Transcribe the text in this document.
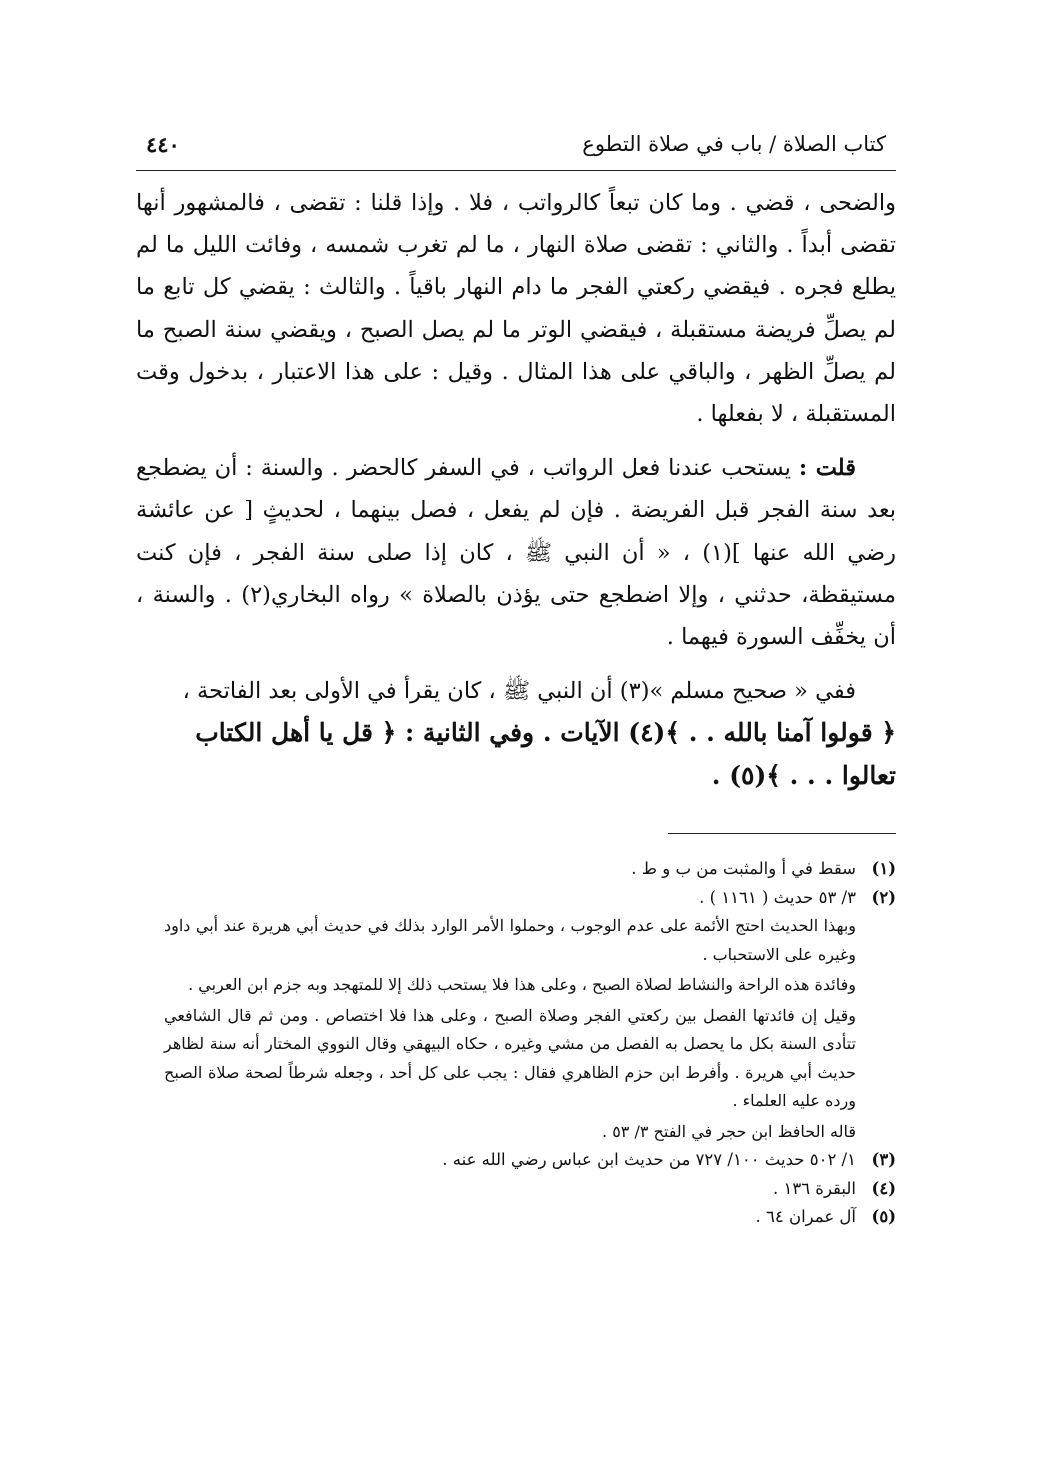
كتاب الصلاة / باب في صلاة التطوع
٤٤٠

والضحى ، قضي . وما كان تبعاً كالرواتب ، فلا . وإذا قلنا : تقضى ، فالمشهور أنها تقضى أبداً . والثاني : تقضى صلاة النهار ، ما لم تغرب شمسه ، وفائت الليل ما لم يطلع فجره . فيقضي ركعتي الفجر ما دام النهار باقياً . والثالث : يقضي كل تابع ما لم يصلِّ فريضة مستقبلة ، فيقضي الوتر ما لم يصل الصبح ، ويقضي سنة الصبح ما لم يصلِّ الظهر ، والباقي على هذا المثال . وقيل : على هذا الاعتبار ، بدخول وقت المستقبلة ، لا بفعلها .

قلت : يستحب عندنا فعل الرواتب ، في السفر كالحضر . والسنة : أن يضطجع بعد سنة الفجر قبل الفريضة . فإن لم يفعل ، فصل بينهما ، لحديثٍ [ عن عائشة رضي الله عنها ](١) ، « أن النبي ﷺ ، كان إذا صلى سنة الفجر ، فإن كنت مستيقظة، حدثني ، وإلا اضطجع حتى يؤذن بالصلاة » رواه البخاري(٢) . والسنة ، أن يخفِّف السورة فيهما .

ففي « صحيح مسلم »(٣) أن النبي ﷺ ، كان يقرأ في الأولى بعد الفاتحة ،

﴿ قولوا آمنا بالله . . ﴾(٤) الآيات . وفي الثانية : ﴿ قل يا أهل الكتاب
تعالوا . . . ﴾(٥) .

(١)
سقط في أ والمثبت من ب و ط .

(٢)
٣/ ٥٣ حديث ( ١١٦١ ) .

وبهذا الحديث احتج الأئمة على عدم الوجوب ، وحملوا الأمر الوارد بذلك في حديث أبي هريرة عند أبي داود وغيره على الاستحباب .

وفائدة هذه الراحة والنشاط لصلاة الصبح ، وعلى هذا فلا يستحب ذلك إلا للمتهجد وبه جزم ابن العربي .

وقيل إن فائدتها الفصل بين ركعتي الفجر وصلاة الصبح ، وعلى هذا فلا اختصاص . ومن ثم قال الشافعي تتأدى السنة بكل ما يحصل به الفصل من مشي وغيره ، حكاه البيهقي وقال النووي المختار أنه سنة لظاهر حديث أبي هريرة . وأفرط ابن حزم الظاهري فقال : يجب على كل أحد ، وجعله شرطاً لصحة صلاة الصبح ورده عليه العلماء .

قاله الحافظ ابن حجر في الفتح ٣/ ٥٣ .

(٣)
١/ ٥٠٢ حديث ١٠٠/ ٧٢٧ من حديث ابن عباس رضي الله عنه .

(٤)
البقرة ١٣٦ .

(٥)
آل عمران ٦٤ .
